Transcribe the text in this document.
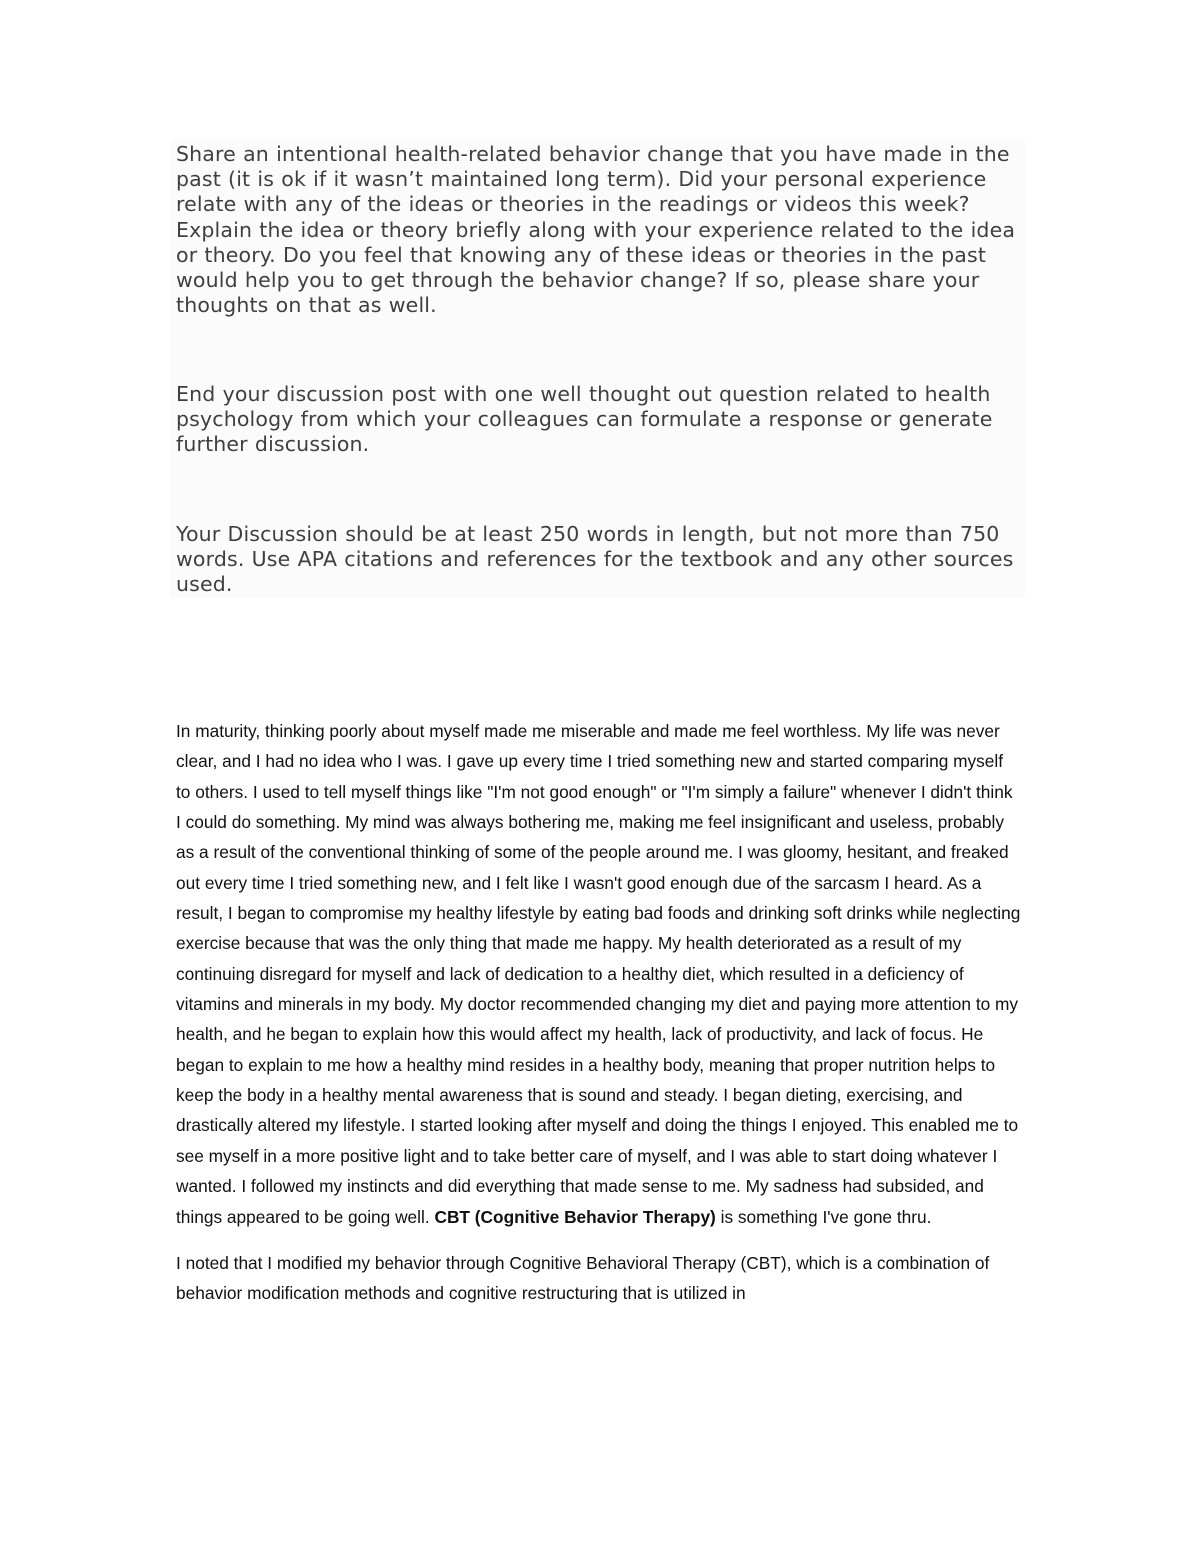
Share an intentional health-related behavior change that you have made in the past (it is ok if it wasn’t maintained long term). Did your personal experience relate with any of the ideas or theories in the readings or videos this week? Explain the idea or theory briefly along with your experience related to the idea or theory. Do you feel that knowing any of these ideas or theories in the past would help you to get through the behavior change? If so, please share your thoughts on that as well.

End your discussion post with one well thought out question related to health psychology from which your colleagues can formulate a response or generate further discussion.

Your Discussion should be at least 250 words in length, but not more than 750 words. Use APA citations and references for the textbook and any other sources used.

In maturity, thinking poorly about myself made me miserable and made me feel worthless. My life was never clear, and I had no idea who I was. I gave up every time I tried something new and started comparing myself to others. I used to tell myself things like "I'm not good enough" or "I'm simply a failure" whenever I didn't think I could do something. My mind was always bothering me, making me feel insignificant and useless, probably as a result of the conventional thinking of some of the people around me. I was gloomy, hesitant, and freaked out every time I tried something new, and I felt like I wasn't good enough due of the sarcasm I heard. As a result, I began to compromise my healthy lifestyle by eating bad foods and drinking soft drinks while neglecting exercise because that was the only thing that made me happy. My health deteriorated as a result of my continuing disregard for myself and lack of dedication to a healthy diet, which resulted in a deficiency of vitamins and minerals in my body. My doctor recommended changing my diet and paying more attention to my health, and he began to explain how this would affect my health, lack of productivity, and lack of focus. He began to explain to me how a healthy mind resides in a healthy body, meaning that proper nutrition helps to keep the body in a healthy mental awareness that is sound and steady. I began dieting, exercising, and drastically altered my lifestyle. I started looking after myself and doing the things I enjoyed. This enabled me to see myself in a more positive light and to take better care of myself, and I was able to start doing whatever I wanted. I followed my instincts and did everything that made sense to me. My sadness had subsided, and things appeared to be going well. CBT (Cognitive Behavior Therapy) is something I've gone thru.

I noted that I modified my behavior through Cognitive Behavioral Therapy (CBT), which is a combination of behavior modification methods and cognitive restructuring that is utilized in
